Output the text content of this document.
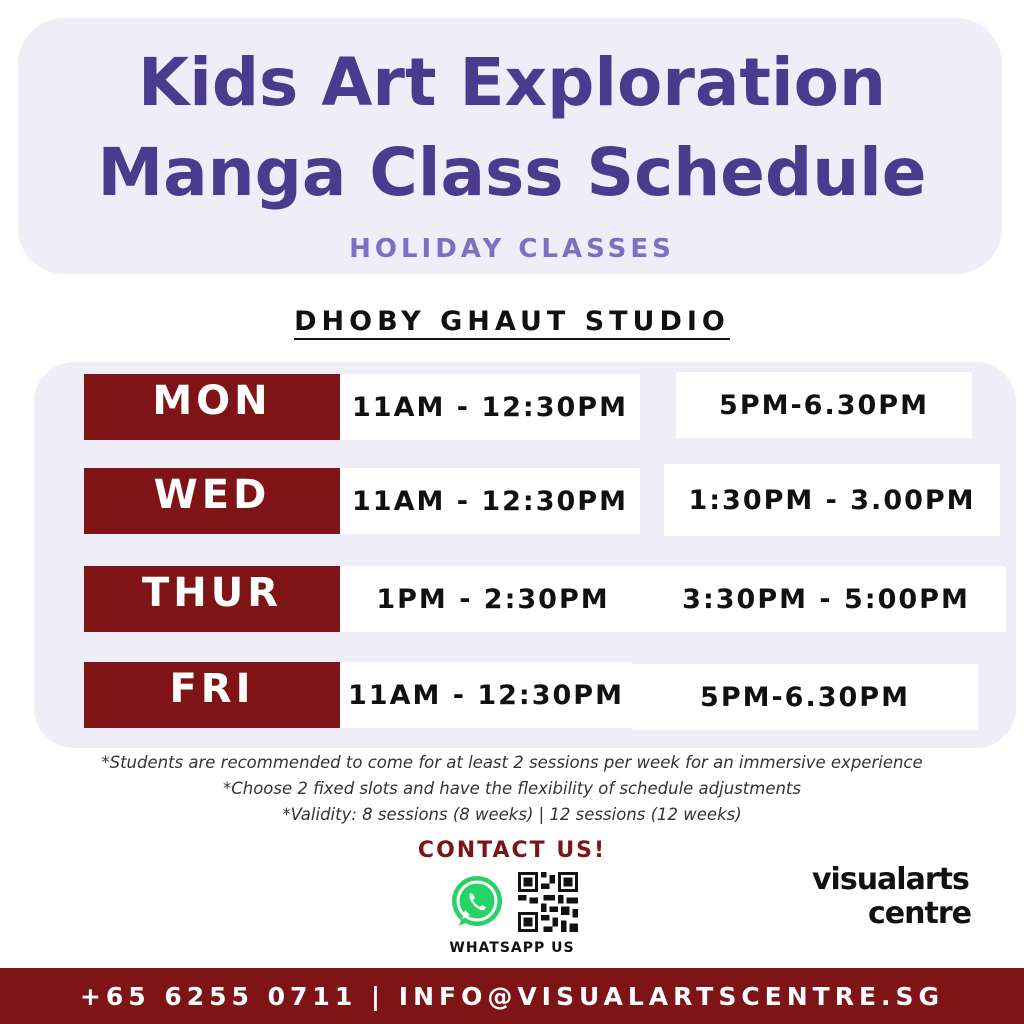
Kids Art Exploration
Manga Class Schedule
HOLIDAY CLASSES
DHOBY GHAUT STUDIO
MON	11AM - 12:30PM	5PM-6.30PM
WED	11AM - 12:30PM	1:30PM - 3.00PM
THUR	1PM - 2:30PM	3:30PM - 5:00PM
FRI	11AM - 12:30PM	5PM-6.30PM
*Students are recommended to come for at least 2 sessions per week for an immersive experience
*Choose 2 fixed slots and have the flexibility of schedule adjustments
*Validity: 8 sessions (8 weeks) | 12 sessions (12 weeks)
CONTACT US!
WHATSAPP US
visualarts
centre
+65 6255 0711 | INFO@VISUALARTSCENTRE.SG
